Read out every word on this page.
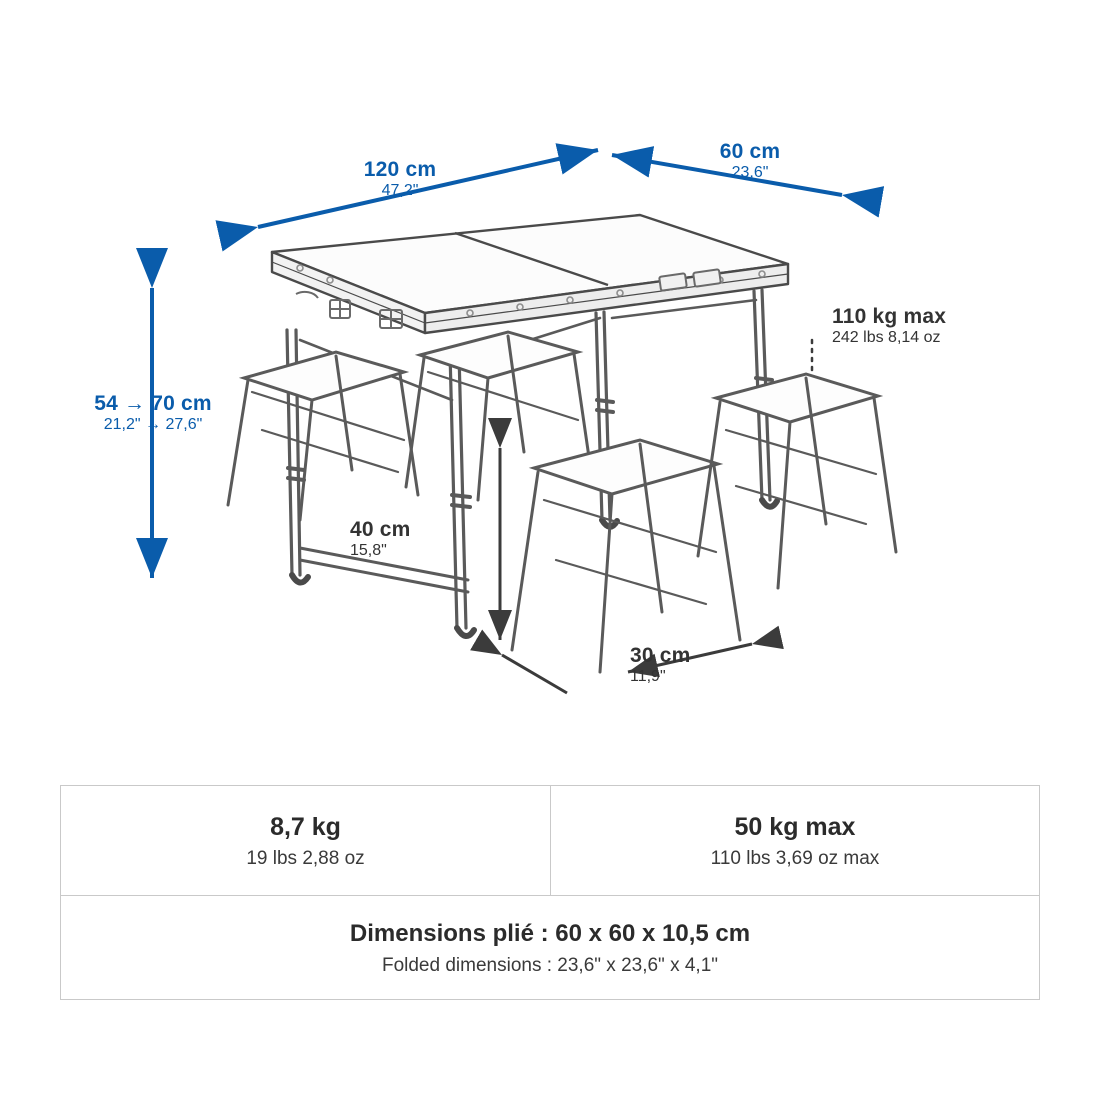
120 cm
47,2"
60 cm
23,6"
54 → 70 cm
21,2" → 27,6"
110 kg max
242 lbs 8,14 oz
40 cm
15,8"
30 cm
11,9"
8,7 kg
19 lbs 2,88 oz
50 kg max
110 lbs 3,69 oz max
Dimensions plié : 60 x 60 x 10,5 cm
Folded dimensions : 23,6" x 23,6" x 4,1"
